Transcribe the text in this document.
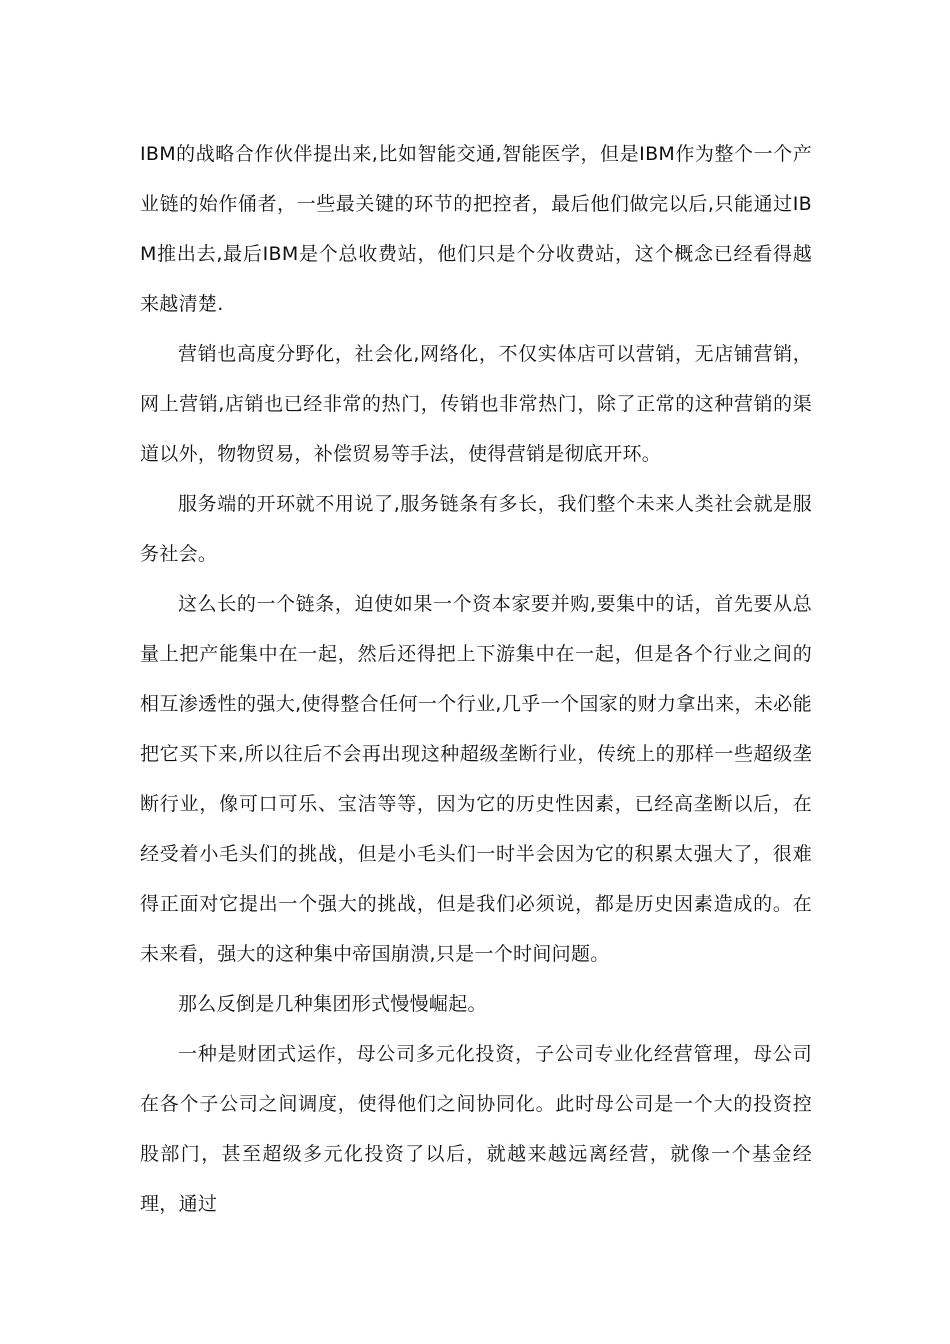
IBM的战略合作伙伴提出来,比如智能交通,智能医学，但是IBM作为整个一个产业链的始作俑者，一些最关键的环节的把控者，最后他们做完以后,只能通过IBM推出去,最后IBM是个总收费站，他们只是个分收费站，这个概念已经看得越来越清楚.

营销也高度分野化，社会化,网络化，不仅实体店可以营销，无店铺营销，网上营销,店销也已经非常的热门，传销也非常热门，除了正常的这种营销的渠道以外，物物贸易，补偿贸易等手法，使得营销是彻底开环。

服务端的开环就不用说了,服务链条有多长，我们整个未来人类社会就是服务社会。

这么长的一个链条，迫使如果一个资本家要并购,要集中的话，首先要从总量上把产能集中在一起，然后还得把上下游集中在一起，但是各个行业之间的相互渗透性的强大,使得整合任何一个行业,几乎一个国家的财力拿出来，未必能把它买下来,所以往后不会再出现这种超级垄断行业，传统上的那样一些超级垄断行业，像可口可乐、宝洁等等，因为它的历史性因素，已经高垄断以后，在经受着小毛头们的挑战，但是小毛头们一时半会因为它的积累太强大了，很难得正面对它提出一个强大的挑战，但是我们必须说，都是历史因素造成的。在未来看，强大的这种集中帝国崩溃,只是一个时间问题。

那么反倒是几种集团形式慢慢崛起。

一种是财团式运作，母公司多元化投资，子公司专业化经营管理，母公司在各个子公司之间调度，使得他们之间协同化。此时母公司是一个大的投资控股部门，甚至超级多元化投资了以后，就越来越远离经营，就像一个基金经理，通过
